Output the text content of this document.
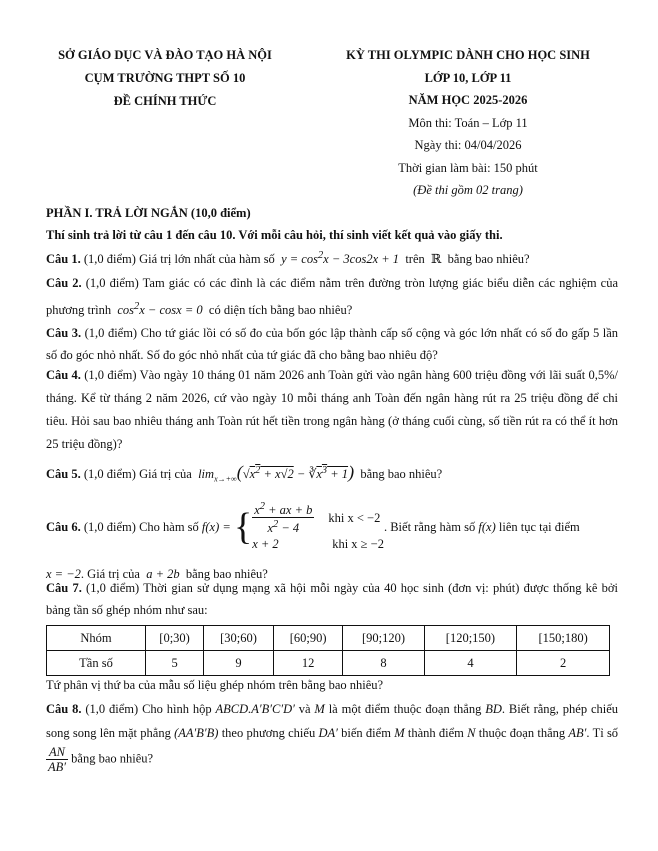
SỞ GIÁO DỤC VÀ ĐÀO TẠO HÀ NỘI
CỤM TRƯỜNG THPT SỐ 10
ĐỀ CHÍNH THỨC
KỲ THI OLYMPIC DÀNH CHO HỌC SINH
LỚP 10, LỚP 11
NĂM HỌC 2025-2026
Môn thi: Toán – Lớp 11
Ngày thi: 04/04/2026
Thời gian làm bài: 150 phút
(Đề thi gồm 02 trang)

PHẦN I. TRẢ LỜI NGẮN (10,0 điểm)

Thí sinh trả lời từ câu 1 đến câu 10. Với mỗi câu hỏi, thí sinh viết kết quả vào giấy thi.

Câu 1. (1,0 điểm) Giá trị lớn nhất của hàm số  $y = \cos^2x - 3\cos 2x + 1$  trên  ℝ  bằng bao nhiêu?

Câu 2. (1,0 điểm) Tam giác có các đỉnh là các điểm nằm trên đường tròn lượng giác biểu diễn các nghiệm của phương trình  $\cos^2x - \cos x = 0$  có diện tích bằng bao nhiêu?

Câu 3. (1,0 điểm) Cho tứ giác lồi có số đo của bốn góc lập thành cấp số cộng và góc lớn nhất có số đo gấp 5 lần số đo góc nhỏ nhất. Số đo góc nhỏ nhất của tứ giác đã cho bằng bao nhiêu độ?

Câu 4. (1,0 điểm) Vào ngày 10 tháng 01 năm 2026 anh Toàn gửi vào ngân hàng 600 triệu đồng với lãi suất 0,5%/ tháng. Kể từ tháng 2 năm 2026, cứ vào ngày 10 mỗi tháng anh Toàn đến ngân hàng rút ra 25 triệu đồng để chi tiêu. Hỏi sau bao nhiêu tháng anh Toàn rút hết tiền trong ngân hàng (ở tháng cuối cùng, số tiền rút ra có thể ít hơn 25 triệu đồng)?

Câu 5. (1,0 điểm) Giá trị của  $\lim_{x\to+\infty}(√x^2 + x√2$ − $∛x^3 + 1$) bằng bao nhiêu?

Câu 6.
(1,0 điểm)
Cho hàm số
f(x) = { $\frac{x^2 + ax + b}{x^2 - 4}$ khi x < −2
x + 2	khi x ≥ −2
. Biết rằng hàm số
f(x)
liên tục tại điểm

x = −2. Giá trị của  a + 2b  bằng bao nhiêu?

Câu 7. (1,0 điểm) Thời gian sử dụng mạng xã hội mỗi ngày của 40 học sinh (đơn vị: phút) được thống kê bởi bảng tần số ghép nhóm như sau:

Nhóm	[0;30)	[30;60)	[60;90)	[90;120)	[120;150)	[150;180)
Tần số	5	9	12	8	4	2

Tứ phân vị thứ ba của mẫu số liệu ghép nhóm trên bằng bao nhiêu?

Câu 8. (1,0 điểm) Cho hình hộp ABCD.A′B′C′D′ và M là một điểm thuộc đoạn thẳng BD. Biết rằng, phép chiếu song song lên mặt phẳng (AA′B′B) theo phương chiếu DA′ biến điểm M thành điểm N thuộc đoạn thẳng AB′. Tỉ số
$\frac{AN}{AB'}$ bằng bao nhiêu?
